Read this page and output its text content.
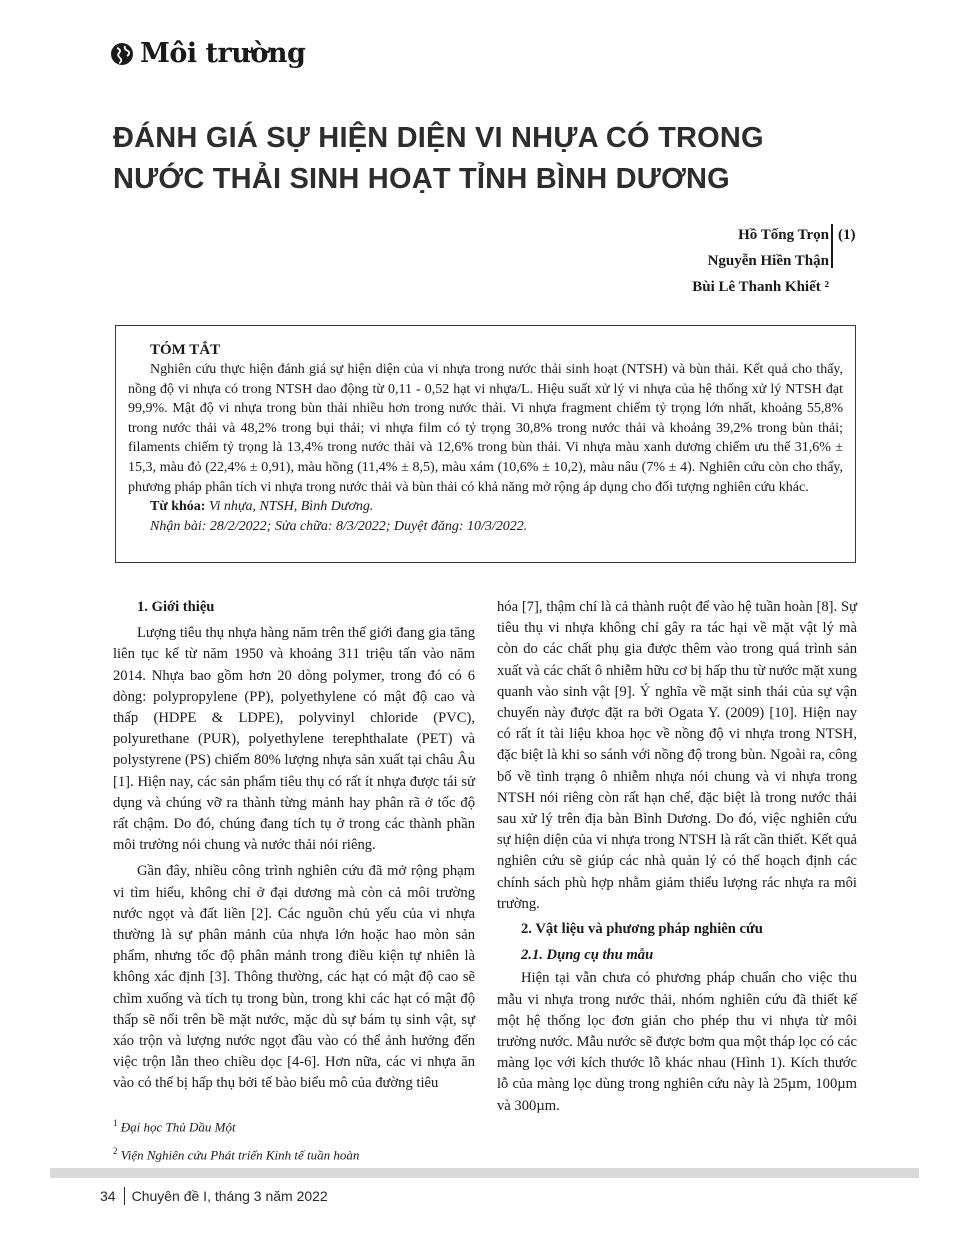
Môi trường
ĐÁNH GIÁ SỰ HIỆN DIỆN VI NHỰA CÓ TRONG
NƯỚC THẢI SINH HOẠT TỈNH BÌNH DƯƠNG
Hồ Tống Trọn
Nguyễn Hiền Thận
Bùi Lê Thanh Khiết ²
(1)
TÓM TẮT

Nghiên cứu thực hiện đánh giá sự hiện diện của vi nhựa trong nước thải sinh hoạt (NTSH) và bùn thải. Kết quả cho thấy, nồng độ vi nhựa có trong NTSH dao động từ 0,11 - 0,52 hạt vi nhựa/L. Hiệu suất xử lý vi nhựa của hệ thống xử lý NTSH đạt 99,9%. Mật độ vi nhựa trong bùn thải nhiều hơn trong nước thải. Vi nhựa fragment chiếm tỷ trọng lớn nhất, khoảng 55,8% trong nước thải và 48,2% trong bụi thải; vi nhựa film có tỷ trọng 30,8% trong nước thải và khoảng 39,2% trong bùn thải; filaments chiếm tỷ trọng là 13,4% trong nước thải và 12,6% trong bùn thải. Vi nhựa màu xanh dương chiếm ưu thế 31,6% ± 15,3, màu đỏ (22,4% ± 0,91), màu hồng (11,4% ± 8,5), màu xám (10,6% ± 10,2), màu nâu (7% ± 4). Nghiên cứu còn cho thấy, phương pháp phân tích vi nhựa trong nước thải và bùn thải có khả năng mở rộng áp dụng cho đối tượng nghiên cứu khác.

Từ khóa: Vi nhựa, NTSH, Bình Dương.
Nhận bài: 28/2/2022; Sửa chữa: 8/3/2022; Duyệt đăng: 10/3/2022.
1. Giới thiệu

Lượng tiêu thụ nhựa hàng năm trên thế giới đang gia tăng liên tục kể từ năm 1950 và khoảng 311 triệu tấn vào năm 2014. Nhựa bao gồm hơn 20 dòng polymer, trong đó có 6 dòng: polypropylene (PP), polyethylene có mật độ cao và thấp (HDPE & LDPE), polyvinyl chloride (PVC), polyurethane (PUR), polyethylene terephthalate (PET) và polystyrene (PS) chiếm 80% lượng nhựa sản xuất tại châu Âu [1]. Hiện nay, các sản phẩm tiêu thụ có rất ít nhựa được tái sử dụng và chúng vỡ ra thành từng mảnh hay phân rã ở tốc độ rất chậm. Do đó, chúng đang tích tụ ở trong các thành phần môi trường nói chung và nước thải nói riêng.

Gần đây, nhiều công trình nghiên cứu đã mở rộng phạm vi tìm hiểu, không chỉ ở đại dương mà còn cả môi trường nước ngọt và đất liền [2]. Các nguồn chủ yếu của vi nhựa thường là sự phân mảnh của nhựa lớn hoặc hao mòn sản phẩm, nhưng tốc độ phân mảnh trong điều kiện tự nhiên là không xác định [3]. Thông thường, các hạt có mật độ cao sẽ chìm xuống và tích tụ trong bùn, trong khi các hạt có mật độ thấp sẽ nổi trên bề mặt nước, mặc dù sự bám tụ sinh vật, sự xáo trộn và lượng nước ngọt đầu vào có thể ảnh hưởng đến việc trộn lẫn theo chiều dọc [4-6]. Hơn nữa, các vi nhựa ăn vào có thể bị hấp thụ bởi tế bào biểu mô của đường tiêu

hóa [7], thậm chí là cả thành ruột để vào hệ tuần hoàn [8]. Sự tiêu thụ vi nhựa không chỉ gây ra tác hại về mặt vật lý mà còn do các chất phụ gia được thêm vào trong quá trình sản xuất và các chất ô nhiễm hữu cơ bị hấp thu từ nước mặt xung quanh vào sinh vật [9]. Ý nghĩa về mặt sinh thái của sự vận chuyển này được đặt ra bởi Ogata Y. (2009) [10]. Hiện nay có rất ít tài liệu khoa học về nồng độ vi nhựa trong NTSH, đặc biệt là khi so sánh với nồng độ trong bùn. Ngoài ra, công bố về tình trạng ô nhiễm nhựa nói chung và vi nhựa trong NTSH nói riêng còn rất hạn chế, đặc biệt là trong nước thải sau xử lý trên địa bàn Bình Dương. Do đó, việc nghiên cứu sự hiện diện của vi nhựa trong NTSH là rất cần thiết. Kết quả nghiên cứu sẽ giúp các nhà quản lý có thể hoạch định các chính sách phù hợp nhằm giảm thiểu lượng rác nhựa ra môi trường.

2. Vật liệu và phương pháp nghiên cứu
2.1. Dụng cụ thu mẫu

Hiện tại vẫn chưa có phương pháp chuẩn cho việc thu mẫu vi nhựa trong nước thải, nhóm nghiên cứu đã thiết kế một hệ thống lọc đơn giản cho phép thu vi nhựa từ môi trường nước. Mẫu nước sẽ được bơm qua một tháp lọc có các màng lọc với kích thước lỗ khác nhau (Hình 1). Kích thước lỗ của màng lọc dùng trong nghiên cứu này là 25µm, 100µm và 300µm.

$^1$ Đại học Thủ Dầu Một
$^2$ Viện Nghiên cứu Phát triển Kinh tế tuần hoàn
34 Chuyên đề I, tháng 3 năm 2022
